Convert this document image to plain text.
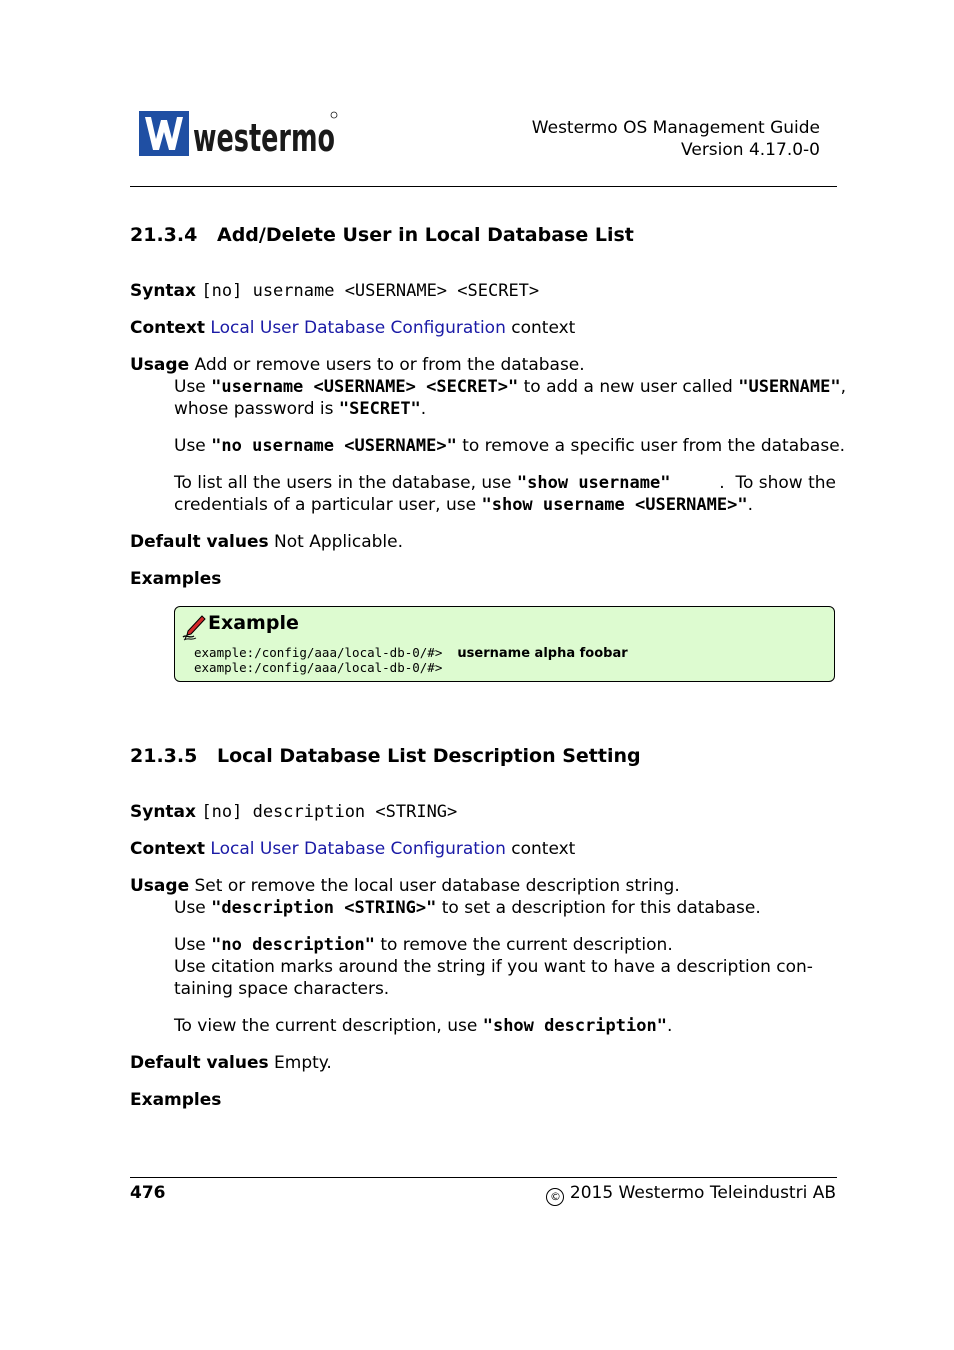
westermo	Westermo OS Management Guide
Version 4.17.0-0
21.3.4 Add/Delete User in Local Database List
Syntax [no] username <USERNAME> <SECRET>
Context Local User Database Configuration context
Usage Add or remove users to or from the database.
Use "username <USERNAME> <SECRET>" to add a new user called "USERNAME",
whose password is "SECRET".
Use "no username <USERNAME>" to remove a specific user from the database.
To list all the users in the database, use "show username"	.  To show the
credentials of a particular user, use "show username <USERNAME>".
Default values Not Applicable.
Examples
Example
example:/config/aaa/local-db-0/#> username alpha foobar
example:/config/aaa/local-db-0/#>
21.3.5 Local Database List Description Setting
Syntax [no] description <STRING>
Context Local User Database Configuration context
Usage Set or remove the local user database description string.
Use "description <STRING>" to set a description for this database.
Use "no description" to remove the current description.
Use citation marks around the string if you want to have a description con-
taining space characters.
To view the current description, use "show description".
Default values Empty.
Examples
476	© 2015 Westermo Teleindustri AB
